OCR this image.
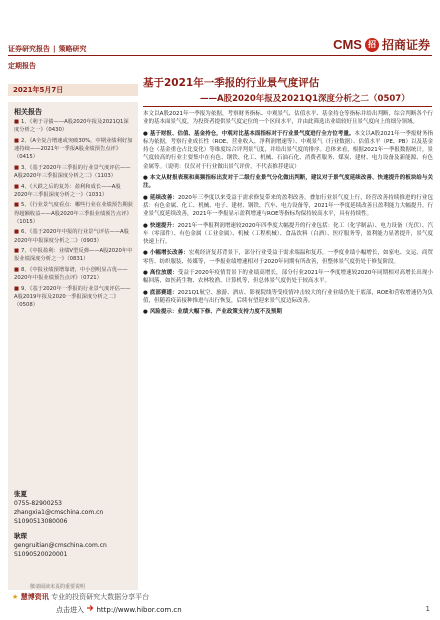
证券研究报告 | 策略研究	CMS 招 招商证券
定期报告
2021年5月7日
基于2021年一季报的行业景气度评估
——A股2020年报及2021Q1深度分析之二（0507）
相关报告
■ 1、《利于寻债——A股2020年报及2021Q1深度分析之一》（0430）
■ 2、《A全复合增速或突破30%，中期业绩利好加速持续——2021年一季报A股业绩预告点评》（0415）
■ 3、《基于2020年三季报的行业景气度评估——A股2020年三季报深度分析之二》（1103）
■ 4、《大跌之后的复苏：盈利和成长——A股2020年三季报深度分析之一》（1031）
■ 5、《行业景气度看点：哪些行业在业绩预告期获得超额收益——A股2020年三季报业绩预告点评》（1015）
■ 6、《基于2020年中报的行业景气评估——A股2020年中报深度分析之二》（0903）
■ 7、《中报盈利：业绩V型反弹——A股2020年中报业绩深度分析之一》（0831）
■ 8、《中报业绩预增靠谱，中小创明显占优——2020年中报业绩预告点评》（0721）
■ 9、《基于2020年一季报的行业景气度评估——A股2019年报及2020一季报深度分析之二》（0508）
张夏
0755-82900253
zhangxia1@cmschina.com.cn
S1090513080006
耿琛
gengruitian@cmschina.com.cn
S1090520020001

本文以A股2021年一季报为依据，考察财务指标、中观景气、估值水平、基金持仓等指标并给出判断，综合判断各个行业的基本面景气度，为投资者提供景气度定位的一个区间水平，并由此筛选出业绩较好且景气度向上的细分领域。

● 基于财报、估值、基金持仓，中观对比基本面指标对于行业景气度进行全方位考量。本文以A股2021年一季报财务指标为依据，考察行业成长性（ROE、营业收入、净利润增速等）、中观景气（行业数据）、估值水平（PE、PB）以及基金持仓（基金重仓占比变化）等维度综合评判景气度，并给出景气度的排序。总体来看，根据2021年一季报数据统计，景气度较高的行业主要集中在有色、钢铁、化工、机械、石油石化、消费者服务、煤炭、建材、电力设备及新能源、有色金属等。（说明：仅仅对于行业做出景气评价，不代表推荐建议）

● 本文从财报表现和高频指标出发对于二级行业景气分化做出判断，建议对于景气度延续改善、快速提升的板块给与关注。

● 延续改善：2020年三季度以来受益于需求修复带来的盈利改善，叠加行业景气度上行，经营改善持续推进的行业包括：有色金属、化工、机械、电子、建材、钢铁、汽车、电力设备等，2021年一季度延续改善且盈利能力大幅提升。行业景气度延续改善，2021年一季报显示盈利增速与ROE等指标均保持较高水平，具有持续性。

● 快速提升：2021年一季报利润增速较2020年四季度大幅提升的行业包括：化工（化学制品）、电力设备（光伏）、汽车（零部件）、有色金属（工业金属）、机械（工程机械）、食品饮料（白酒）、医疗服务等，盈利能力显著提升，景气度快速上行。

● 小幅增长改善：宏观经济复苏背景下，部分行业受益于需求端温和复苏，一季度业绩小幅增长，如家电、交运、商贸零售、纺织服装、传媒等，一季报业绩增速相对于2020年同期有所改善，但整体景气度仍处于修复阶段。

● 高位放缓：受益于2020年疫情背景下的业绩高增长，部分行业2021年一季度增速较2020年同期相对高增长出现小幅回落，如医药生物、农林牧渔、计算机等，但总体景气度仍处于较高水平。

● 底部赛道：2021Q1航空、旅游、酒店、影视院线等受疫情冲击较大的行业业绩仍处于底部，ROE和营收增速仍为负值，但随着疫苗接种推进与出行恢复，后续有望迎来景气度边际改善。

● 风险提示：业绩大幅下修、产业政策支持力度不及预期

敬请阅读末页的重要说明
★ 慧博资讯 专业的投资研究大数据分享平台
点击进入 http://www.hibor.com.cn	1
